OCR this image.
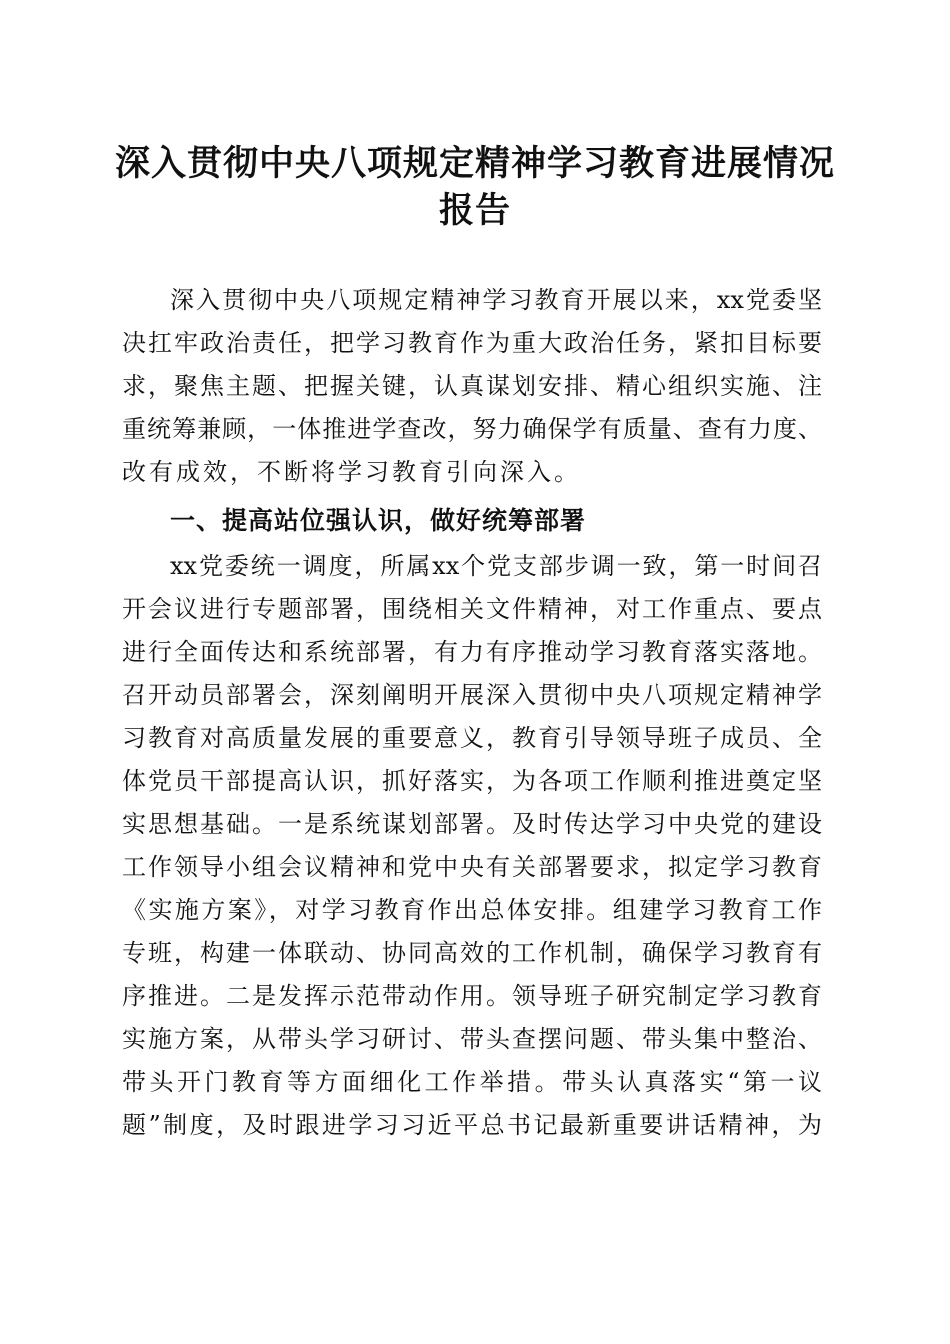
深入贯彻中央八项规定精神学习教育进展情况
报告
深入贯彻中央八项规定精神学习教育开展以来，xx党委坚
决扛牢政治责任，把学习教育作为重大政治任务，紧扣目标要
求，聚焦主题、把握关键，认真谋划安排、精心组织实施、注
重统筹兼顾，一体推进学查改，努力确保学有质量、查有力度、
改有成效，不断将学习教育引向深入。
一、提高站位强认识，做好统筹部署
xx党委统一调度，所属xx个党支部步调一致，第一时间召
开会议进行专题部署，围绕相关文件精神，对工作重点、要点
进行全面传达和系统部署，有力有序推动学习教育落实落地。
召开动员部署会，深刻阐明开展深入贯彻中央八项规定精神学
习教育对高质量发展的重要意义，教育引导领导班子成员、全
体党员干部提高认识，抓好落实，为各项工作顺利推进奠定坚
实思想基础。一是系统谋划部署。及时传达学习中央党的建设
工作领导小组会议精神和党中央有关部署要求，拟定学习教育
《实施方案》，对学习教育作出总体安排。组建学习教育工作
专班，构建一体联动、协同高效的工作机制，确保学习教育有
序推进。二是发挥示范带动作用。领导班子研究制定学习教育
实施方案，从带头学习研讨、带头查摆问题、带头集中整治、
带头开门教育等方面细化工作举措。带头认真落实“第一议
题”制度，及时跟进学习习近平总书记最新重要讲话精神，为
